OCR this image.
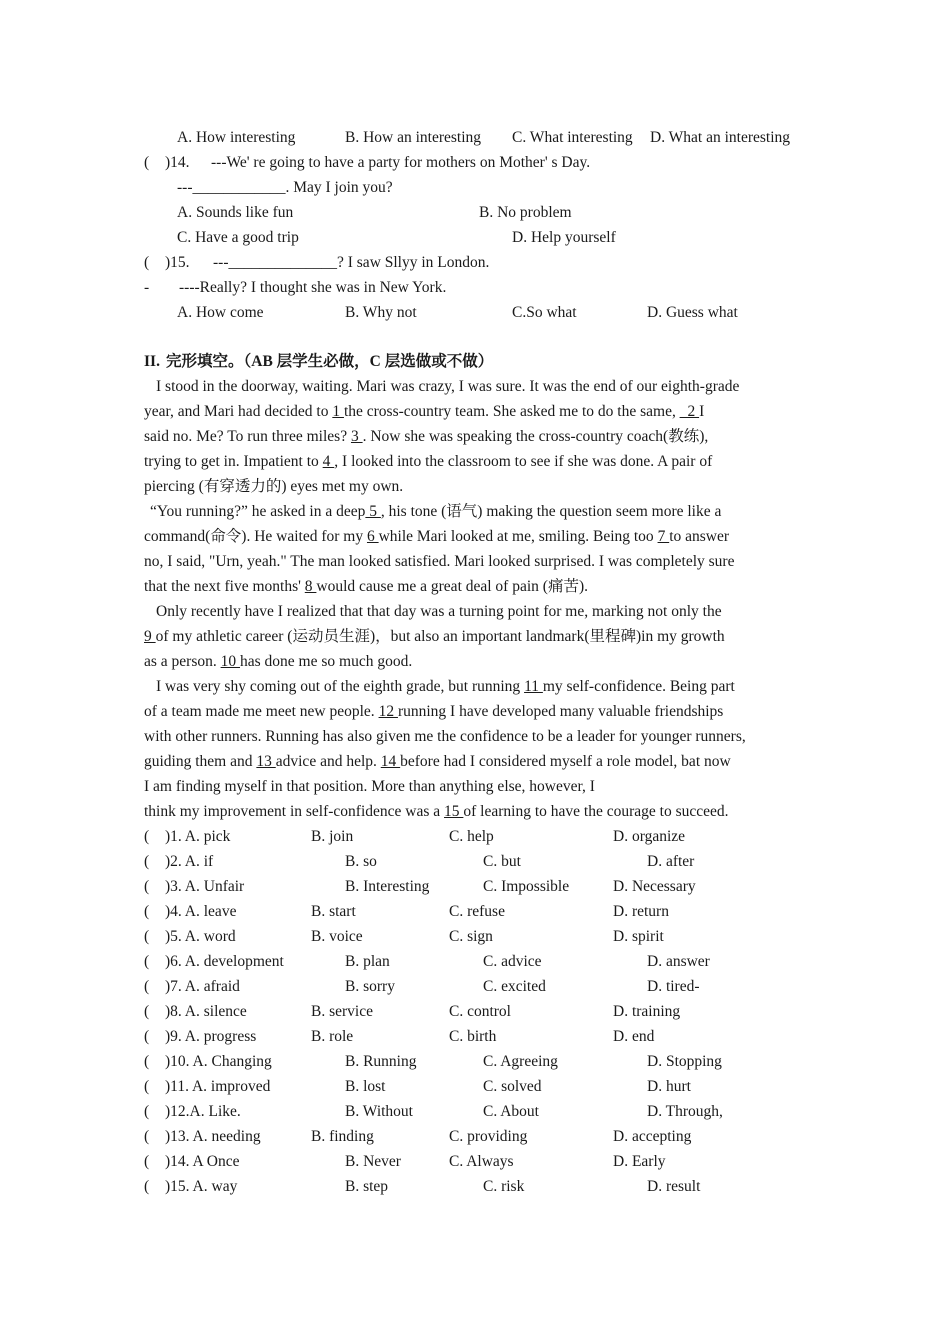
A. How interesting	B. How an interesting C. What interesting D. What an interesting
( )14. ---We' re going to have a party for mothers on Mother' s Day.
---____________. May I join you?
A. Sounds like fun	B. No problem
C. Have a good trip	D. Help yourself
( )15. ---______________? I saw Sllyy in London.
- ----Really? I thought she was in New York.
A. How come	B. Why not	C.So what	D. Guess what
II. 完形填空。（AB 层学生必做，C 层选做或不做）
I stood in the doorway, waiting. Mari was crazy, I was sure. It was the end of our eighth-grade
year, and Mari had decided to 1 the cross-country team. She asked me to do the same, _2 I
said no. Me? To run three miles? 3 . Now she was speaking the cross-country coach(教练),
trying to get in. Impatient to 4 , I looked into the classroom to see if she was done. A pair of
piercing (有穿透力的) eyes met my own.
“You running?” he asked in a deep 5 , his tone (语气) making the question seem more like a
command(命令). He waited for my 6 while Mari looked at me, smiling. Being too 7 to answer
no, I said, "Urn, yeah." The man looked satisfied. Mari looked surprised. I was completely sure
that the next five months' 8 would cause me a great deal of pain (痛苦).
Only recently have I realized that that day was a turning point for me, marking not only the
9 of my athletic career (运动员生涯)，but also an important landmark(里程碑)in my growth
as a person. 10 has done me so much good.
I was very shy coming out of the eighth grade, but running 11 my self-confidence. Being part
of a team made me meet new people. 12 running I have developed many valuable friendships
with other runners. Running has also given me the confidence to be a leader for younger runners,
guiding them and 13 advice and help. 14 before had I considered myself a role model, bat now
I am finding myself in that position. More than anything else, however, I
think my improvement in self-confidence was a 15 of learning to have the courage to succeed.
( )1. A. pick	B. join	C. help	D. organize
( )2. A. if	B. so	C. but	D. after
( )3. A. Unfair	B. Interesting	C. Impossible	D. Necessary
( )4. A. leave	B. start	C. refuse	D. return
( )5. A. word	B. voice	C. sign	D. spirit
( )6. A. development	B. plan	C. advice	D. answer
( )7. A. afraid	B. sorry	C. excited	D. tired-
( )8. A. silence	B. service	C. control	D. training
( )9. A. progress	B. role	C. birth	D. end
( )10. A. Changing	B. Running	C. Agreeing	D. Stopping
( )11. A. improved	B. lost	C. solved	D. hurt
( )12.A. Like.	B. Without	C. About	D. Through,
( )13. A. needing	B. finding	C. providing	D. accepting
( )14. A Once	B. Never	C. Always	D. Early
( )15. A. way	B. step	C. risk	D. result
